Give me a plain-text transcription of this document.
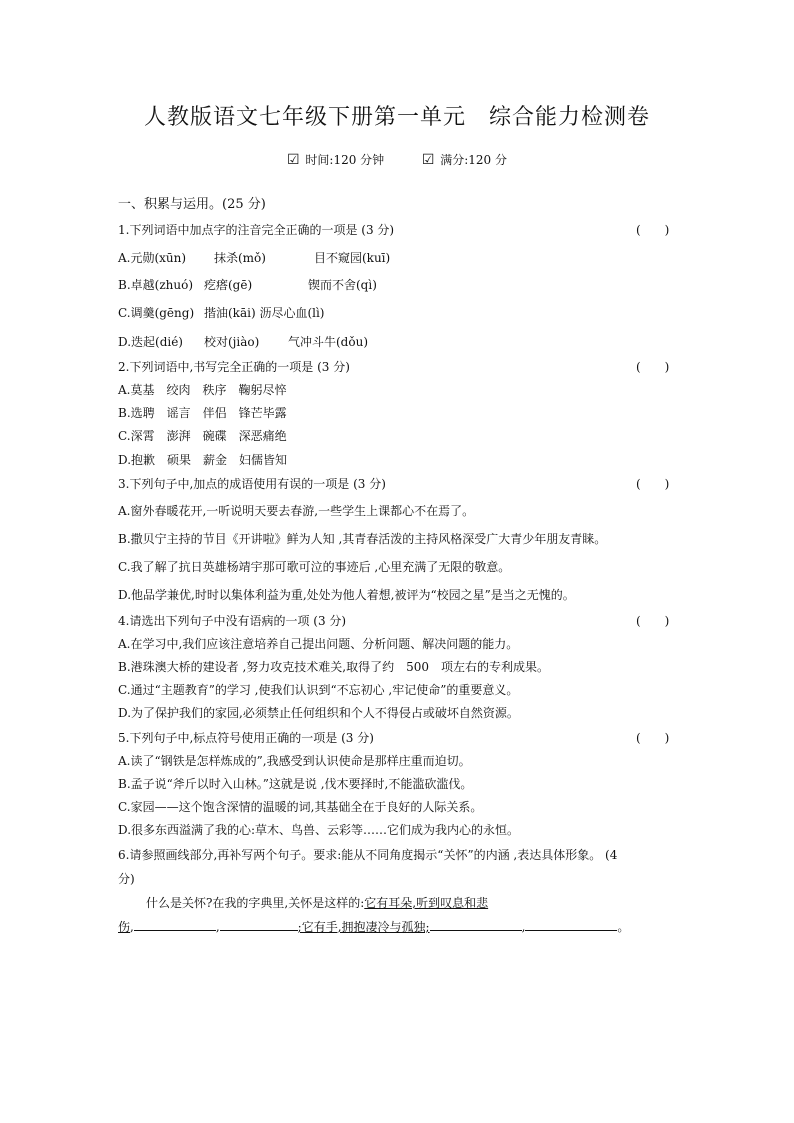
人教版语文七年级下册第一单元　综合能力检测卷
☑ 时间:120 分钟	☑ 满分:120 分
一、积累与运用。(25 分)
1.下列词语中加点字的注音完全正确的一项是 (3 分)	(　　)
A.元勋(xūn) 抹杀(mǒ)	目不窥园(kuī)
B.卓越(zhuó) 疙瘩(gē)	锲而不舍(qì)
C.调羹(gēng) 揩油(kāi) 沥尽心血(lì)
D.迭起(dié) 校对(jiào) 气冲斗牛(dǒu)
2.下列词语中,书写完全正确的一项是 (3 分)	(　　)
A.莫基　绞肉　秩序　鞠躬尽悴
B.选聘　谣言　伴侣　锋芒毕露
C.深霄　澎湃　碗碟　深恶痛绝
D.抱歉　硕果　薪金　妇儒皆知
3.下列句子中,加点的成语使用有误的一项是 (3 分)	(　　)
A.窗外春暖花开,一听说明天要去春游,一些学生上课都心不在焉了。
B.撒贝宁主持的节目《开讲啦》鲜为人知 ,其青春活泼的主持风格深受广大青少年朋友青睐。
C.我了解了抗日英雄杨靖宇那可歌可泣的事迹后 ,心里充满了无限的敬意。
D.他品学兼优,时时以集体利益为重,处处为他人着想,被评为“校园之星”是当之无愧的。
4.请选出下列句子中没有语病的一项 (3 分)	(　　)
A.在学习中,我们应该注意培养自己提出问题、分析问题、解决问题的能力。
B.港珠澳大桥的建设者 ,努力攻克技术难关,取得了约　500　项左右的专利成果。
C.通过“主题教育”的学习 ,使我们认识到“不忘初心 ,牢记使命”的重要意义。
D.为了保护我们的家园,必须禁止任何组织和个人不得侵占或破坏自然资源。
5.下列句子中,标点符号使用正确的一项是 (3 分)	(　　)
A.读了“钢铁是怎样炼成的”,我感受到认识使命是那样庄重而迫切。
B.孟子说“斧斤以时入山林。”这就是说 ,伐木要择时,不能滥砍滥伐。
C.家园——这个饱含深情的温暖的词,其基础全在于良好的人际关系。
D.很多东西溢满了我的心:草木、鸟兽、云彩等……它们成为我内心的永恒。
6.请参照画线部分,再补写两个句子。要求:能从不同角度揭示“关怀”的内涵 ,表达具体形象。 (4
分)
什么是关怀?在我的字典里,关怀是这样的:它有耳朵,听到叹息和悲
伤,	,	;它有手,拥抱凄冷与孤独;	,	。
